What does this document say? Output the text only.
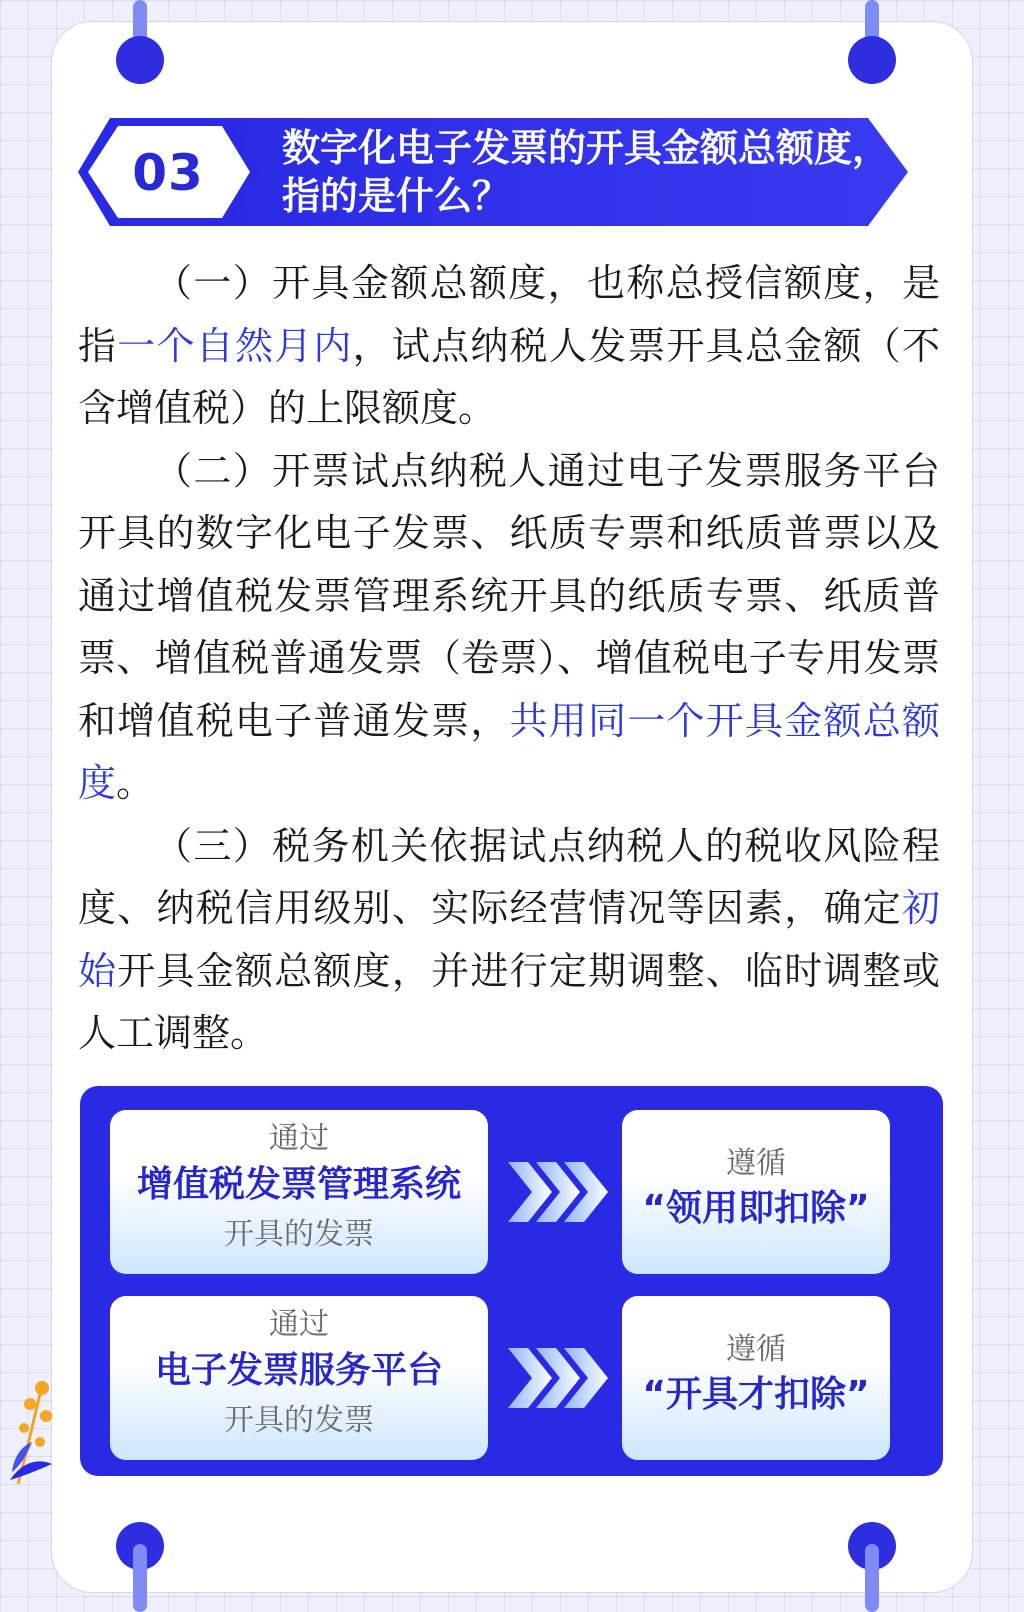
03	数字化电子发票的开具金额总额度，
指的是什么？

（一）开具金额总额度，也称总授信额度，是指一个自然月内，试点纳税人发票开具总金额（不含增值税）的上限额度。

（二）开票试点纳税人通过电子发票服务平台开具的数字化电子发票、纸质专票和纸质普票以及通过增值税发票管理系统开具的纸质专票、纸质普票、增值税普通发票（卷票）、增值税电子专用发票和增值税电子普通发票，共用同一个开具金额总额度。

（三）税务机关依据试点纳税人的税收风险程度、纳税信用级别、实际经营情况等因素，确定初始开具金额总额度，并进行定期调整、临时调整或人工调整。

通过
增值税发票管理系统
开具的发票
遵循
“领用即扣除”
通过
电子发票服务平台
开具的发票
遵循
“开具才扣除”
